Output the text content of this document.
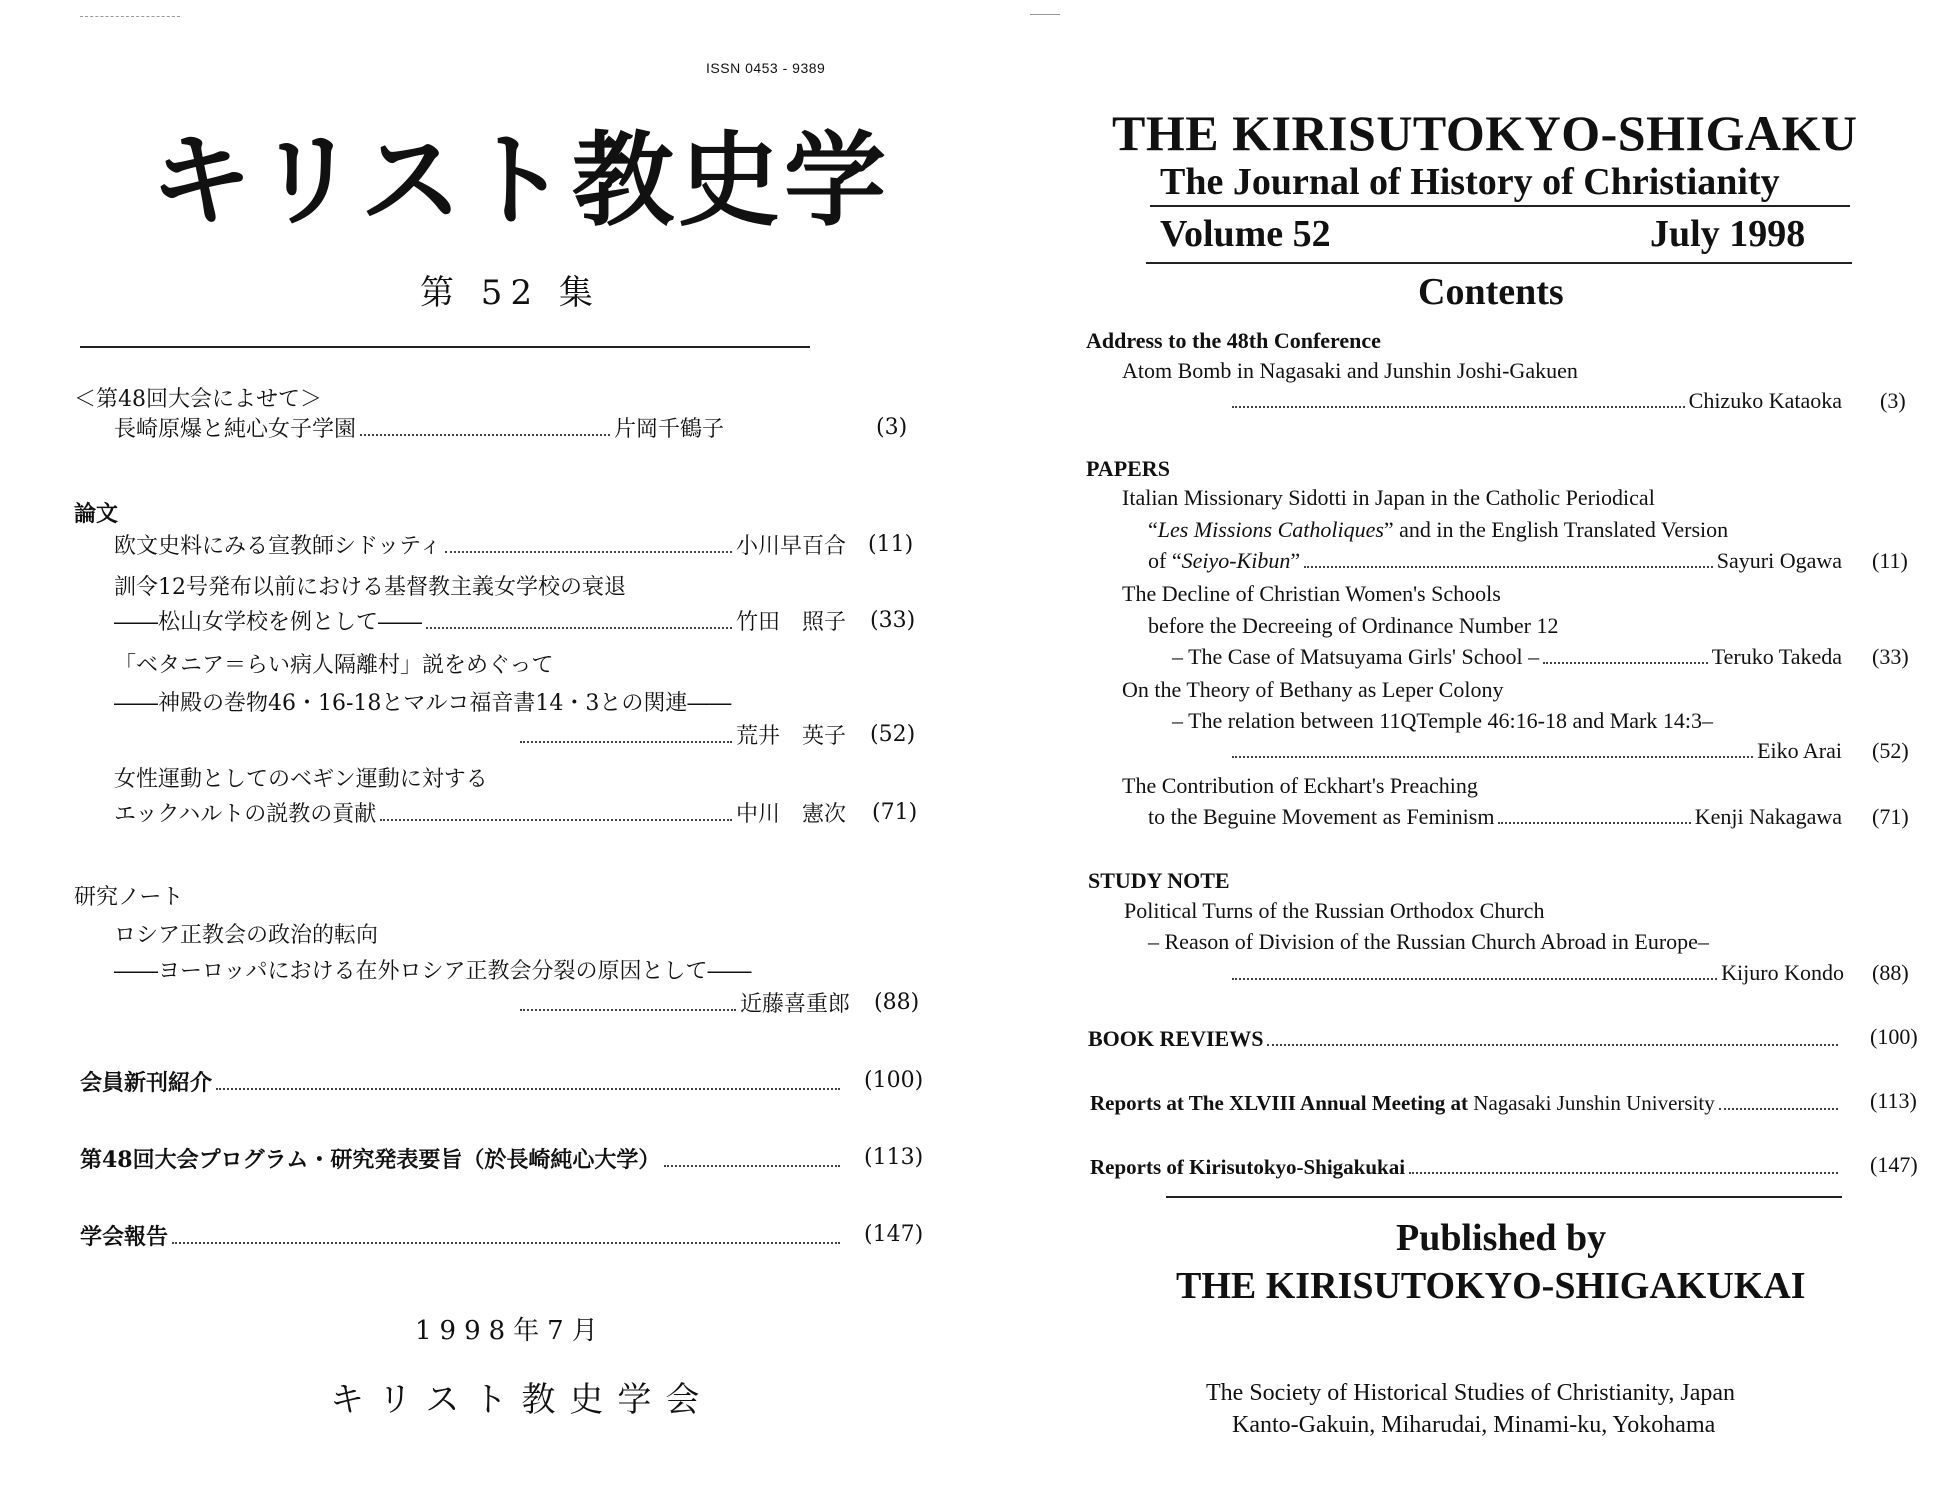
ISSN 0453 - 9389
キリスト教史学
第 52 集
＜第48回大会によせて＞
長崎原爆と純心女子学園	片岡千鶴子	(3)
論文
欧文史料にみる宣教師シドッティ	小川早百合 (11)
訓令12号発布以前における基督教主義女学校の衰退
――松山女学校を例として――	竹田　照子 (33)
「ベタニア＝らい病人隔離村」説をめぐって
――神殿の巻物46・16-18とマルコ福音書14・3との関連――
荒井　英子 (52)
女性運動としてのベギン運動に対する
エックハルトの説教の貢献	中川　憲次 (71)
研究ノート
ロシア正教会の政治的転向
――ヨーロッパにおける在外ロシア正教会分裂の原因として――
近藤喜重郎 (88)
会員新刊紹介	(100)
第48回大会プログラム・研究発表要旨（於長崎純心大学）	(113)
学会報告	(147)
1998年7月
キリスト教史学会
THE KIRISUTOKYO-SHIGAKU
The Journal of History of Christianity
Volume 52	July 1998
Contents
Address to the 48th Conference
Atom Bomb in Nagasaki and Junshin Joshi-Gakuen
Chizuko Kataoka (3)
PAPERS
Italian Missionary Sidotti in Japan in the Catholic Periodical
“Les Missions Catholiques” and in the English Translated Version
of “Seiyo-Kibun”	Sayuri Ogawa (11)
The Decline of Christian Women's Schools
before the Decreeing of Ordinance Number 12
– The Case of Matsuyama Girls' School –	Teruko Takeda (33)
On the Theory of Bethany as Leper Colony
– The relation between 11QTemple 46:16-18 and Mark 14:3–
Eiko Arai (52)
The Contribution of Eckhart's Preaching
to the Beguine Movement as Feminism	Kenji Nakagawa (71)
STUDY NOTE
Political Turns of the Russian Orthodox Church
– Reason of Division of the Russian Church Abroad in Europe–
Kijuro Kondo (88)
BOOK REVIEWS	(100)
Reports at The XLVIII Annual Meeting at Nagasaki Junshin University	(113)
Reports of Kirisutokyo-Shigakukai	(147)
Published by
THE KIRISUTOKYO-SHIGAKUKAI
The Society of Historical Studies of Christianity, Japan
Kanto-Gakuin, Miharudai, Minami-ku, Yokohama
